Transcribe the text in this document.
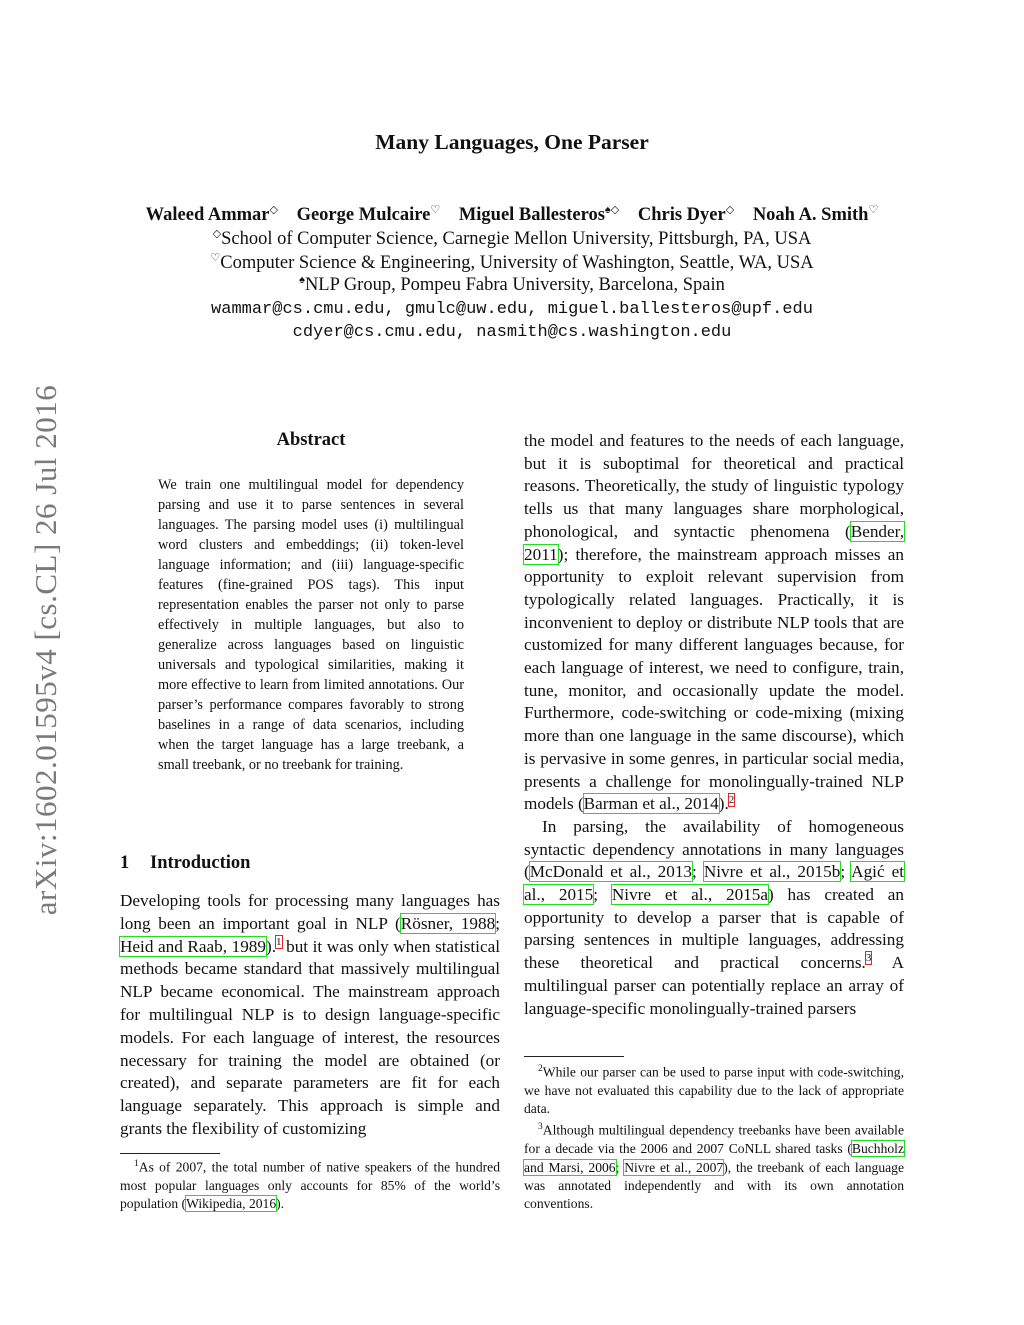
arXiv:1602.01595v4 [cs.CL] 26 Jul 2016
Many Languages, One Parser
Waleed Ammar◇ George Mulcaire♡ Miguel Ballesteros♠◇ Chris Dyer◇ Noah A. Smith♡
◇School of Computer Science, Carnegie Mellon University, Pittsburgh, PA, USA
♡Computer Science & Engineering, University of Washington, Seattle, WA, USA
♠NLP Group, Pompeu Fabra University, Barcelona, Spain
wammar@cs.cmu.edu, gmulc@uw.edu, miguel.ballesteros@upf.edu
cdyer@cs.cmu.edu, nasmith@cs.washington.edu
Abstract
We train one multilingual model for dependency parsing and use it to parse sentences in several languages. The parsing model uses (i) multilingual word clusters and embeddings; (ii) token-level language information; and (iii) language-specific features (fine-grained POS tags). This input representation enables the parser not only to parse effectively in multiple languages, but also to generalize across languages based on linguistic universals and typological similarities, making it more effective to learn from limited annotations. Our parser’s performance compares favorably to strong baselines in a range of data scenarios, including when the target language has a large treebank, a small treebank, or no treebank for training.
1 Introduction

Developing tools for processing many languages has long been an important goal in NLP (Rösner, 1988; Heid and Raab, 1989).$^1$ but it was only when statistical methods became standard that massively multilingual NLP became economical. The mainstream approach for multilingual NLP is to design language-specific models. For each language of interest, the resources necessary for training the model are obtained (or created), and separate parameters are fit for each language separately. This approach is simple and grants the flexibility of customizing

$^1$As of 2007, the total number of native speakers of the hundred most popular languages only accounts for 85% of the world’s population (Wikipedia, 2016).

the model and features to the needs of each language, but it is suboptimal for theoretical and practical reasons. Theoretically, the study of linguistic typology tells us that many languages share morphological, phonological, and syntactic phenomena (Bender, 2011); therefore, the mainstream approach misses an opportunity to exploit relevant supervision from typologically related languages. Practically, it is inconvenient to deploy or distribute NLP tools that are customized for many different languages because, for each language of interest, we need to configure, train, tune, monitor, and occasionally update the model. Furthermore, code-switching or code-mixing (mixing more than one language in the same discourse), which is pervasive in some genres, in particular social media, presents a challenge for monolingually-trained NLP models (Barman et al., 2014).$^2$

In parsing, the availability of homogeneous syntactic dependency annotations in many languages (McDonald et al., 2013; Nivre et al., 2015b; Agić et al., 2015; Nivre et al., 2015a) has created an opportunity to develop a parser that is capable of parsing sentences in multiple languages, addressing these theoretical and practical concerns.$^3$ A multilingual parser can potentially replace an array of language-specific monolingually-trained parsers

$^2$While our parser can be used to parse input with code-switching, we have not evaluated this capability due to the lack of appropriate data.

$^3$Although multilingual dependency treebanks have been available for a decade via the 2006 and 2007 CoNLL shared tasks (Buchholz and Marsi, 2006; Nivre et al., 2007), the treebank of each language was annotated independently and with its own annotation conventions.
